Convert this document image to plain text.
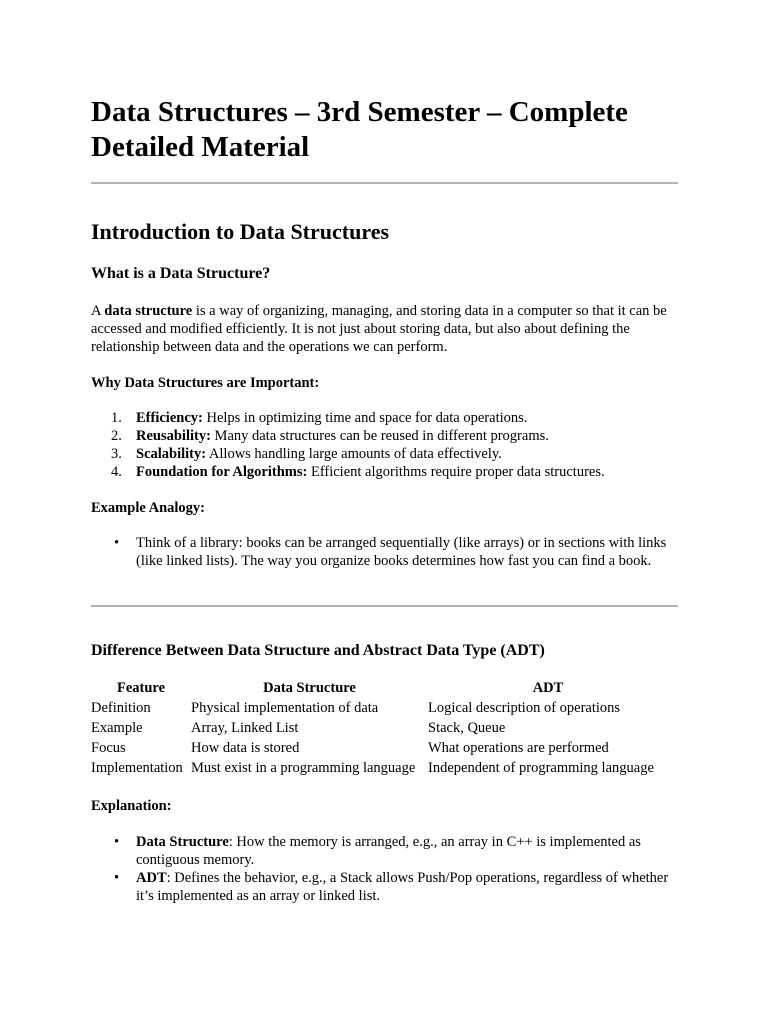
Data Structures – 3rd Semester – Complete Detailed Material
Introduction to Data Structures
What is a Data Structure?

A data structure is a way of organizing, managing, and storing data in a computer so that it can be accessed and modified efficiently. It is not just about storing data, but also about defining the relationship between data and the operations we can perform.

Why Data Structures are Important:

1. Efficiency: Helps in optimizing time and space for data operations.
2. Reusability: Many data structures can be reused in different programs.
3. Scalability: Allows handling large amounts of data effectively.
4. Foundation for Algorithms: Efficient algorithms require proper data structures.

Example Analogy:

• Think of a library: books can be arranged sequentially (like arrays) or in sections with links (like linked lists). The way you organize books determines how fast you can find a book.
Difference Between Data Structure and Abstract Data Type (ADT)
Feature	Data Structure	ADT
Definition	Physical implementation of data	Logical description of operations
Example	Array, Linked List	Stack, Queue
Focus	How data is stored	What operations are performed
Implementation	Must exist in a programming language	Independent of programming language

Explanation:

• Data Structure: How the memory is arranged, e.g., an array in C++ is implemented as contiguous memory.
• ADT: Defines the behavior, e.g., a Stack allows Push/Pop operations, regardless of whether it’s implemented as an array or linked list.
